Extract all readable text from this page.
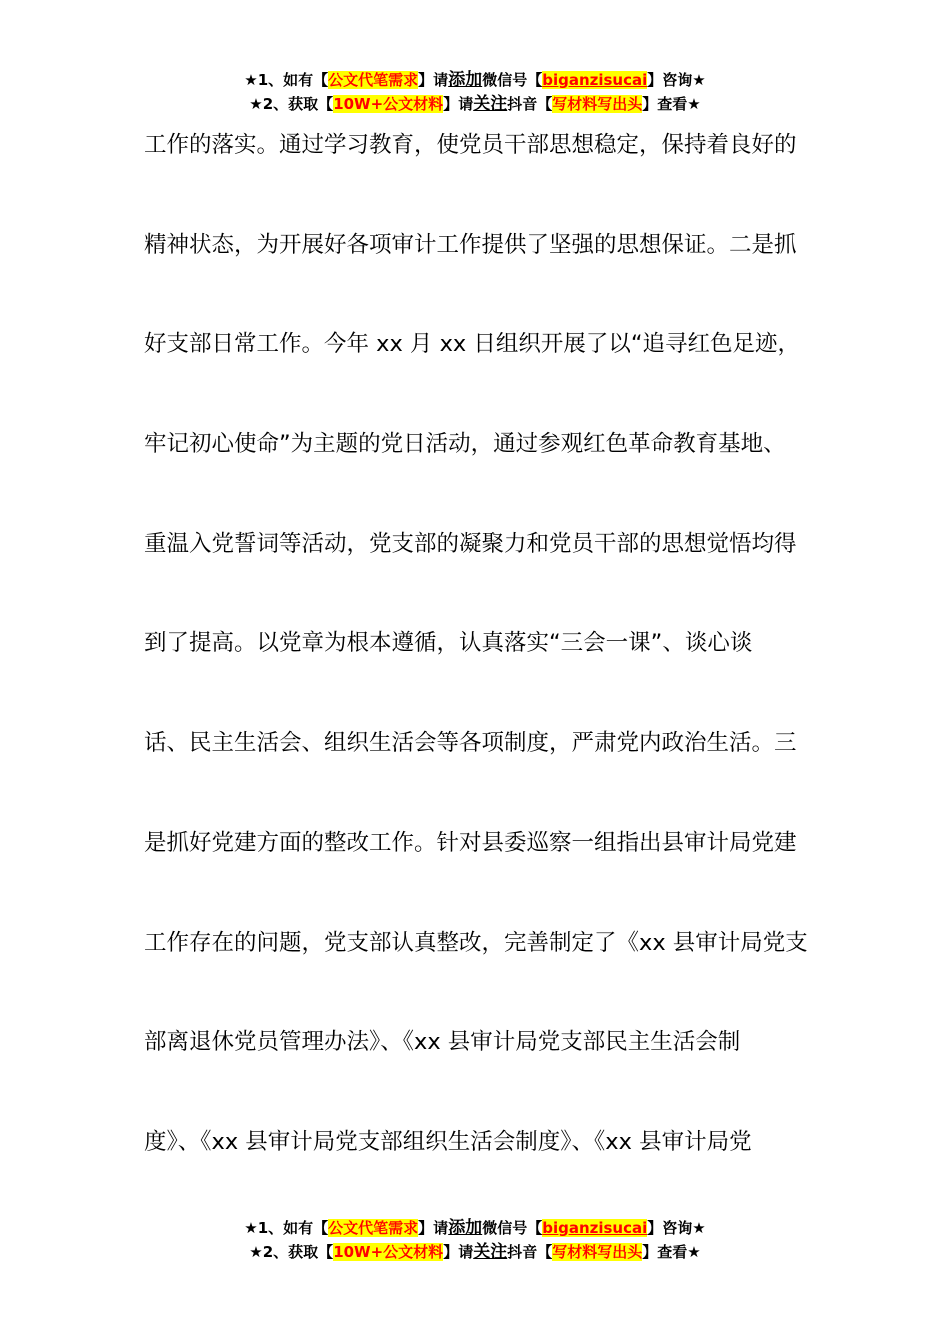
★1、如有【公文代笔需求】请添加微信号【biganzisucai】咨询★
★2、获取【10W+公文材料】请关注抖音【写材料写出头】查看★
工作的落实。通过学习教育，使党员干部思想稳定，保持着良好的
精神状态，为开展好各项审计工作提供了坚强的思想保证。二是抓
好支部日常工作。今年 xx 月 xx 日组织开展了以“追寻红色足迹，
牢记初心使命”为主题的党日活动，通过参观红色革命教育基地、
重温入党誓词等活动，党支部的凝聚力和党员干部的思想觉悟均得
到了提高。以党章为根本遵循，认真落实“三会一课”、谈心谈
话、民主生活会、组织生活会等各项制度，严肃党内政治生活。三
是抓好党建方面的整改工作。针对县委巡察一组指出县审计局党建
工作存在的问题，党支部认真整改，完善制定了《xx 县审计局党支
部离退休党员管理办法》、《xx 县审计局党支部民主生活会制
度》、《xx 县审计局党支部组织生活会制度》、《xx 县审计局党
★1、如有【公文代笔需求】请添加微信号【biganzisucai】咨询★
★2、获取【10W+公文材料】请关注抖音【写材料写出头】查看★
